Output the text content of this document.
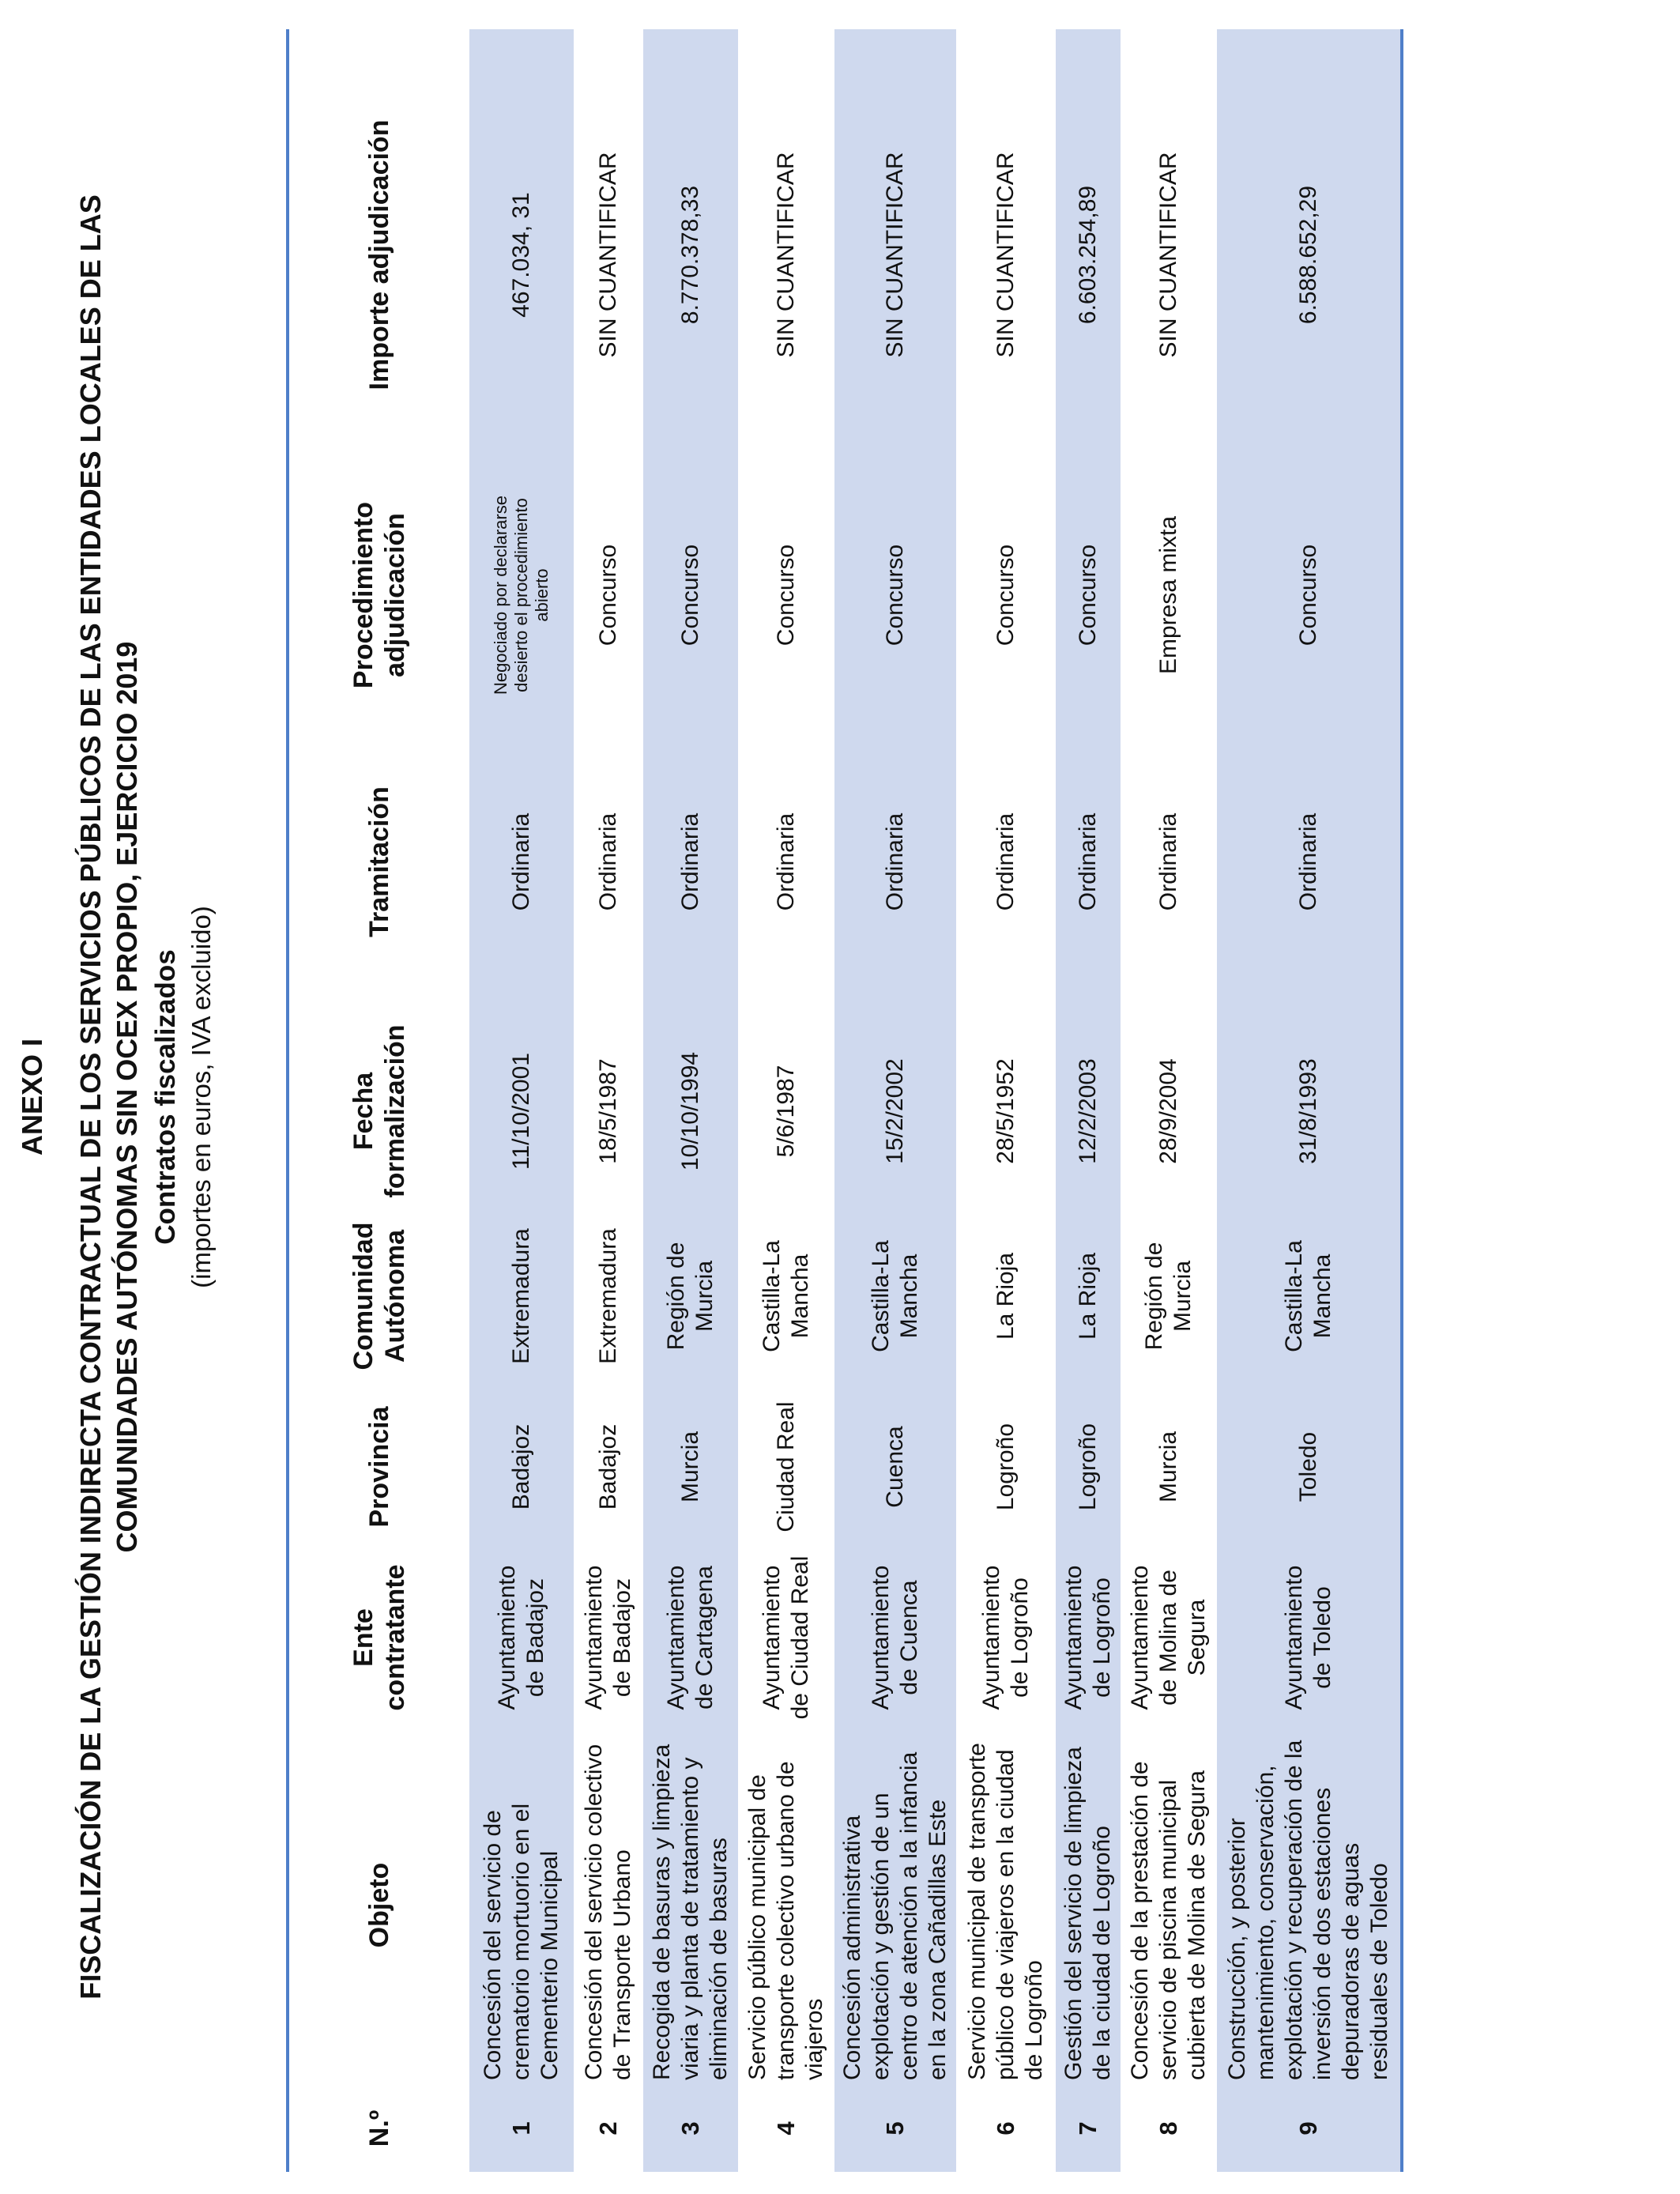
ANEXO I FISCALIZACIÓN DE LA GESTIÓN INDIRECTA CONTRACTUAL DE LOS SERVICIOS PÚBLICOS DE LAS ENTIDADES LOCALES DE LAS COMUNIDADES AUTÓNOMAS SIN OCEX PROPIO, EJERCICIO 2019 Contratos fiscalizados (importes en euros, IVA excluido)
N.º	Objeto	Ente contratante	Provincia	Comunidad Autónoma	Fecha formalización	Tramitación	Procedimiento adjudicación	Importe adjudicación
1	Concesión del servicio de crematorio mortuorio en el Cementerio Municipal	Ayuntamiento de Badajoz	Badajoz	Extremadura	11/10/2001	Ordinaria	Negociado por declararse desierto el procedimiento abierto	467.034, 31
2	Concesión del servicio colectivo de Transporte Urbano	Ayuntamiento de Badajoz	Badajoz	Extremadura	18/5/1987	Ordinaria	Concurso	SIN CUANTIFICAR
3	Recogida de basuras y limpieza viaria y planta de tratamiento y eliminación de basuras	Ayuntamiento de Cartagena	Murcia	Región de Murcia	10/10/1994	Ordinaria	Concurso	8.770.378,33
4	Servicio público municipal de transporte colectivo urbano de viajeros	Ayuntamiento de Ciudad Real	Ciudad Real	Castilla-La Mancha	5/6/1987	Ordinaria	Concurso	SIN CUANTIFICAR
5	Concesión administrativa explotación y gestión de un centro de atención a la infancia en la zona Cañadillas Este	Ayuntamiento de Cuenca	Cuenca	Castilla-La Mancha	15/2/2002	Ordinaria	Concurso	SIN CUANTIFICAR
6	Servicio municipal de transporte público de viajeros en la ciudad de Logroño	Ayuntamiento de Logroño	Logroño	La Rioja	28/5/1952	Ordinaria	Concurso	SIN CUANTIFICAR
7	Gestión del servicio de limpieza de la ciudad de Logroño	Ayuntamiento de Logroño	Logroño	La Rioja	12/2/2003	Ordinaria	Concurso	6.603.254,89
8	Concesión de la prestación de servicio de piscina municipal cubierta de Molina de Segura	Ayuntamiento de Molina de Segura	Murcia	Región de Murcia	28/9/2004	Ordinaria	Empresa mixta	SIN CUANTIFICAR
9	Construcción, y posterior mantenimiento, conservación, explotación y recuperación de la inversión de dos estaciones depuradoras de aguas residuales de Toledo	Ayuntamiento de Toledo	Toledo	Castilla-La Mancha	31/8/1993	Ordinaria	Concurso	6.588.652,29
